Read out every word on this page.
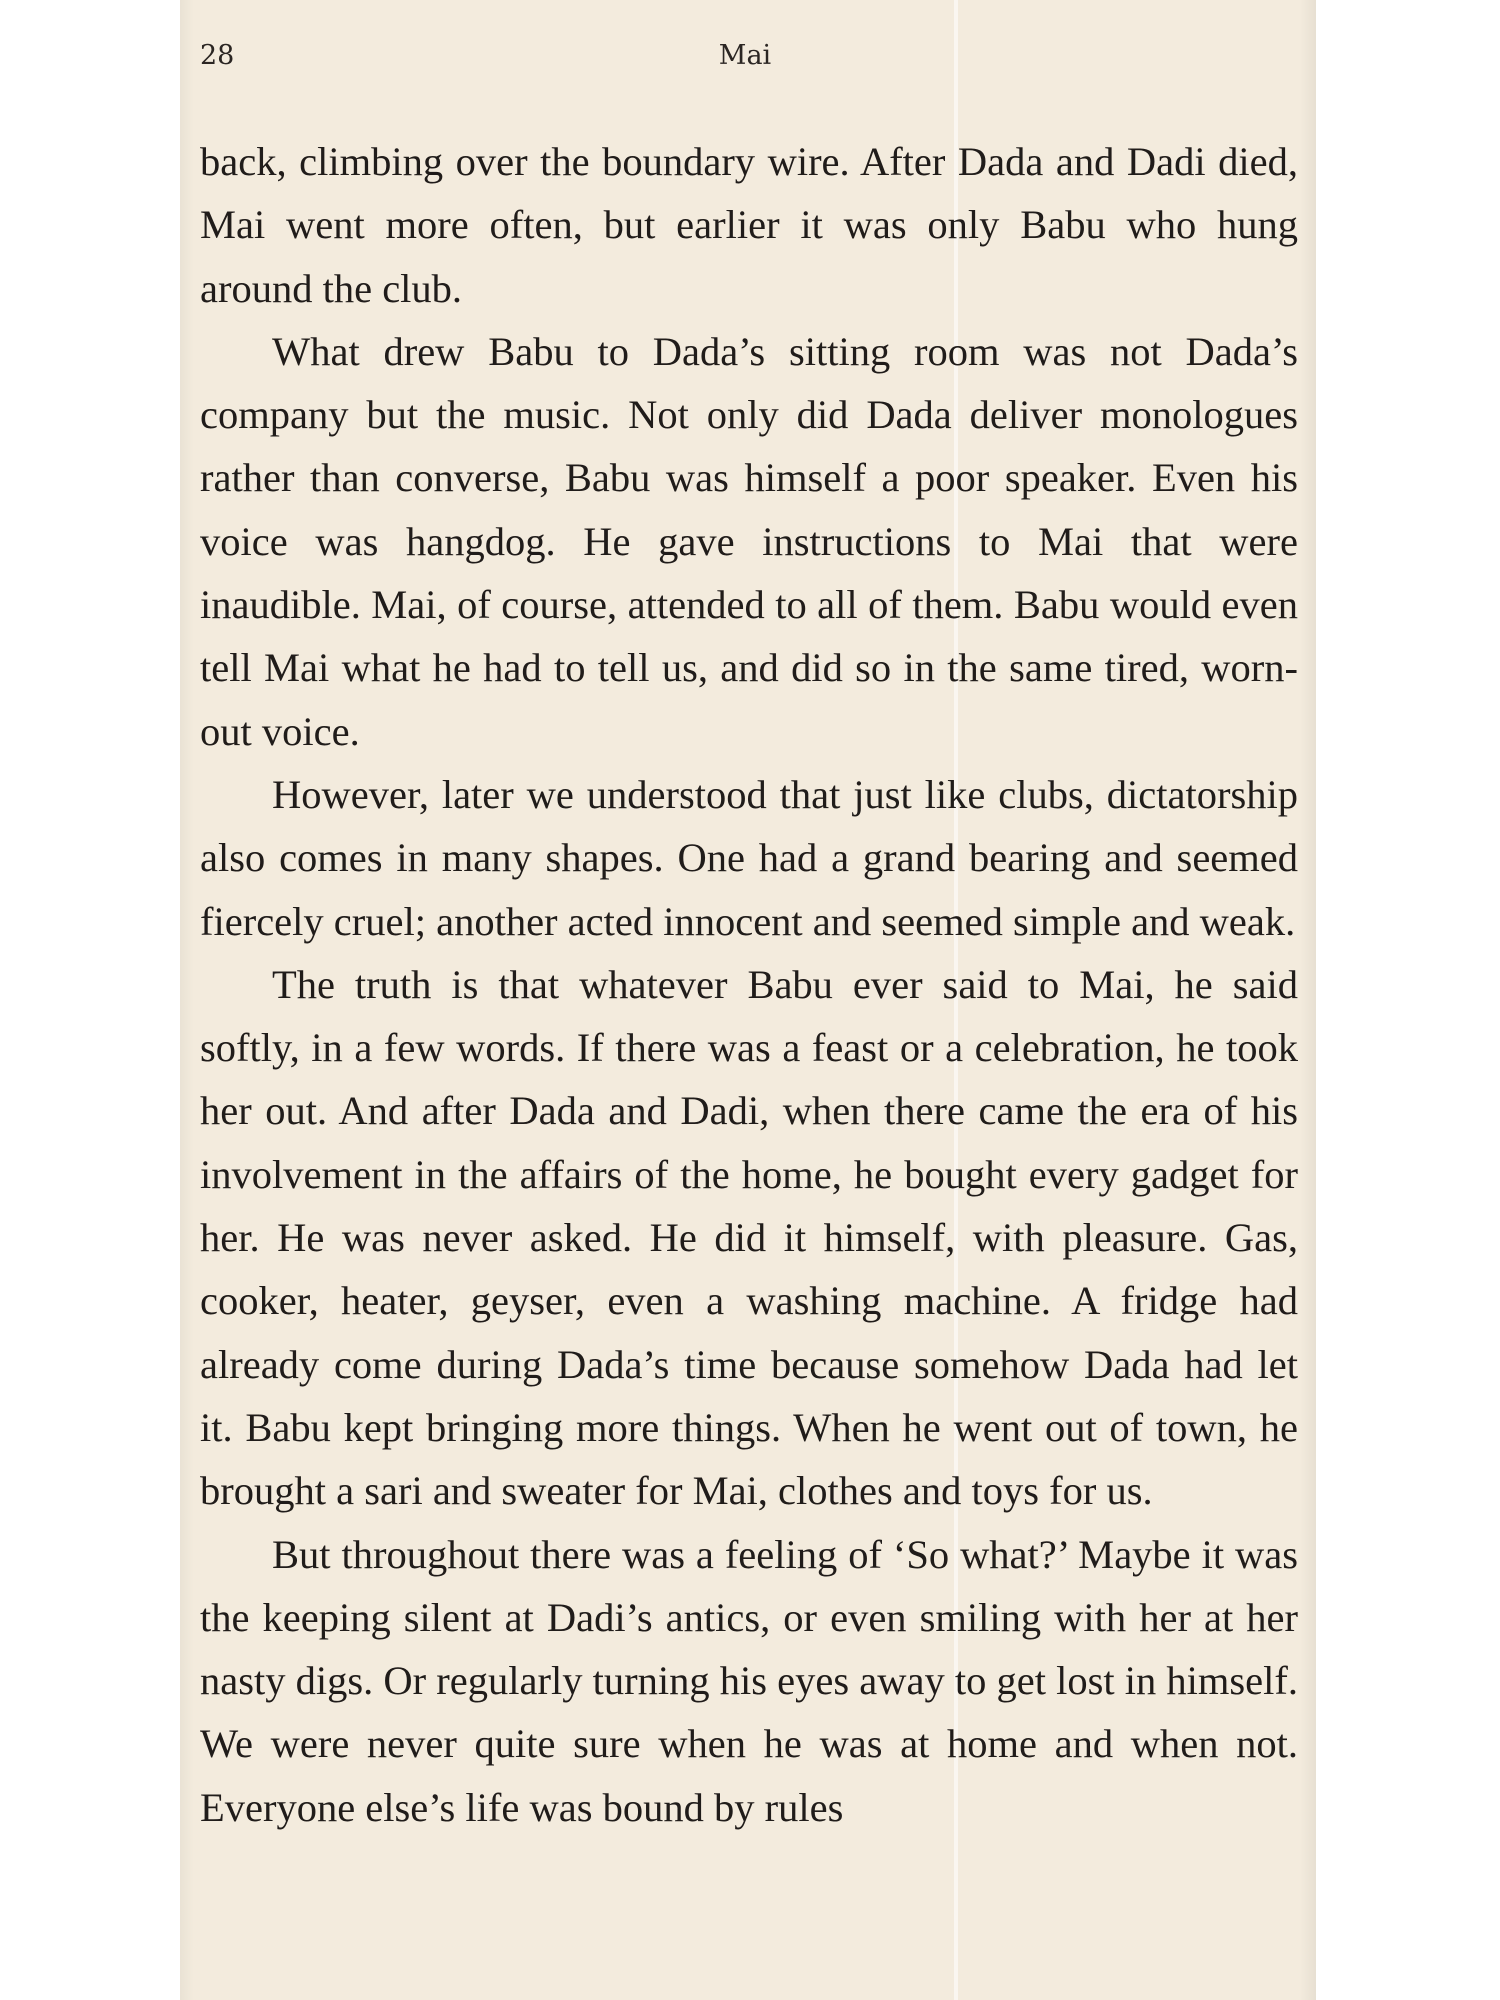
28	Mai

back, climbing over the boundary wire. After Dada and Dadi died, Mai went more often, but earlier it was only Babu who hung around the club.

What drew Babu to Dada’s sitting room was not Dada’s company but the music. Not only did Dada deliver monologues rather than converse, Babu was himself a poor speaker. Even his voice was hangdog. He gave instructions to Mai that were inaudible. Mai, of course, attended to all of them. Babu would even tell Mai what he had to tell us, and did so in the same tired, worn-out voice.

However, later we understood that just like clubs, dictatorship also comes in many shapes. One had a grand bearing and seemed fiercely cruel; another acted innocent and seemed simple and weak.

The truth is that whatever Babu ever said to Mai, he said softly, in a few words. If there was a feast or a celebration, he took her out. And after Dada and Dadi, when there came the era of his involvement in the affairs of the home, he bought every gadget for her. He was never asked. He did it himself, with pleasure. Gas, cooker, heater, geyser, even a washing machine. A fridge had already come during Dada’s time because somehow Dada had let it. Babu kept bringing more things. When he went out of town, he brought a sari and sweater for Mai, clothes and toys for us.

But throughout there was a feeling of ‘So what?’ Maybe it was the keeping silent at Dadi’s antics, or even smiling with her at her nasty digs. Or regularly turning his eyes away to get lost in himself. We were never quite sure when he was at home and when not. Everyone else’s life was bound by rules
